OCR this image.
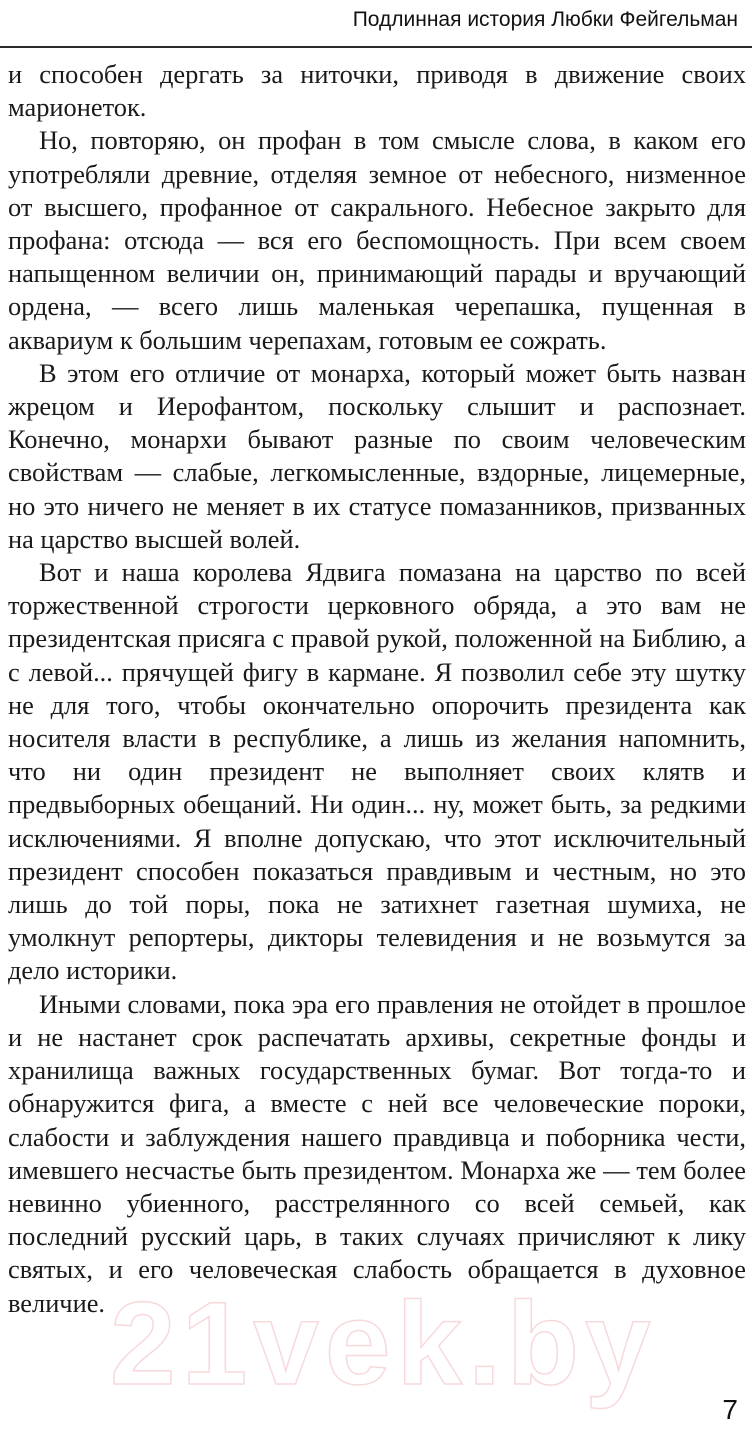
Подлинная история Любки Фейгельман

и способен дергать за ниточки, приводя в движение своих марионеток.

Но, повторяю, он профан в том смысле слова, в каком его употребляли древние, отделяя земное от небесного, низменное от высшего, профанное от сакрального. Небесное закрыто для профана: отсюда — вся его беспомощность. При всем своем напыщенном величии он, принимающий парады и вручающий ордена, — всего лишь маленькая черепашка, пущенная в аквариум к большим черепахам, готовым ее сожрать.

В этом его отличие от монарха, который может быть назван жрецом и Иерофантом, поскольку слышит и распознает. Конечно, монархи бывают разные по своим человеческим свойствам — слабые, легкомысленные, вздорные, лицемерные, но это ничего не меняет в их статусе помазанников, призванных на царство высшей волей.

Вот и наша королева Ядвига помазана на царство по всей торжественной строгости церковного обряда, а это вам не президентская присяга с правой рукой, положенной на Библию, а с левой... прячущей фигу в кармане. Я позволил себе эту шутку не для того, чтобы окончательно опорочить президента как носителя власти в республике, а лишь из желания напомнить, что ни один президент не выполняет своих клятв и предвыборных обещаний. Ни один... ну, может быть, за редкими исключениями. Я вполне допускаю, что этот исключительный президент способен показаться правдивым и честным, но это лишь до той поры, пока не затихнет газетная шумиха, не умолкнут репортеры, дикторы телевидения и не возьмутся за дело историки.

Иными словами, пока эра его правления не отойдет в прошлое и не настанет срок распечатать архивы, секретные фонды и хранилища важных государственных бумаг. Вот тогда-то и обнаружится фига, а вместе с ней все человеческие пороки, слабости и заблуждения нашего правдивца и поборника чести, имевшего несчастье быть президентом. Монарха же — тем более невинно убиенного, расстрелянного со всей семьей, как последний русский царь, в таких случаях причисляют к лику святых, и его человеческая слабость обращается в духовное величие. 21vek.by 7
